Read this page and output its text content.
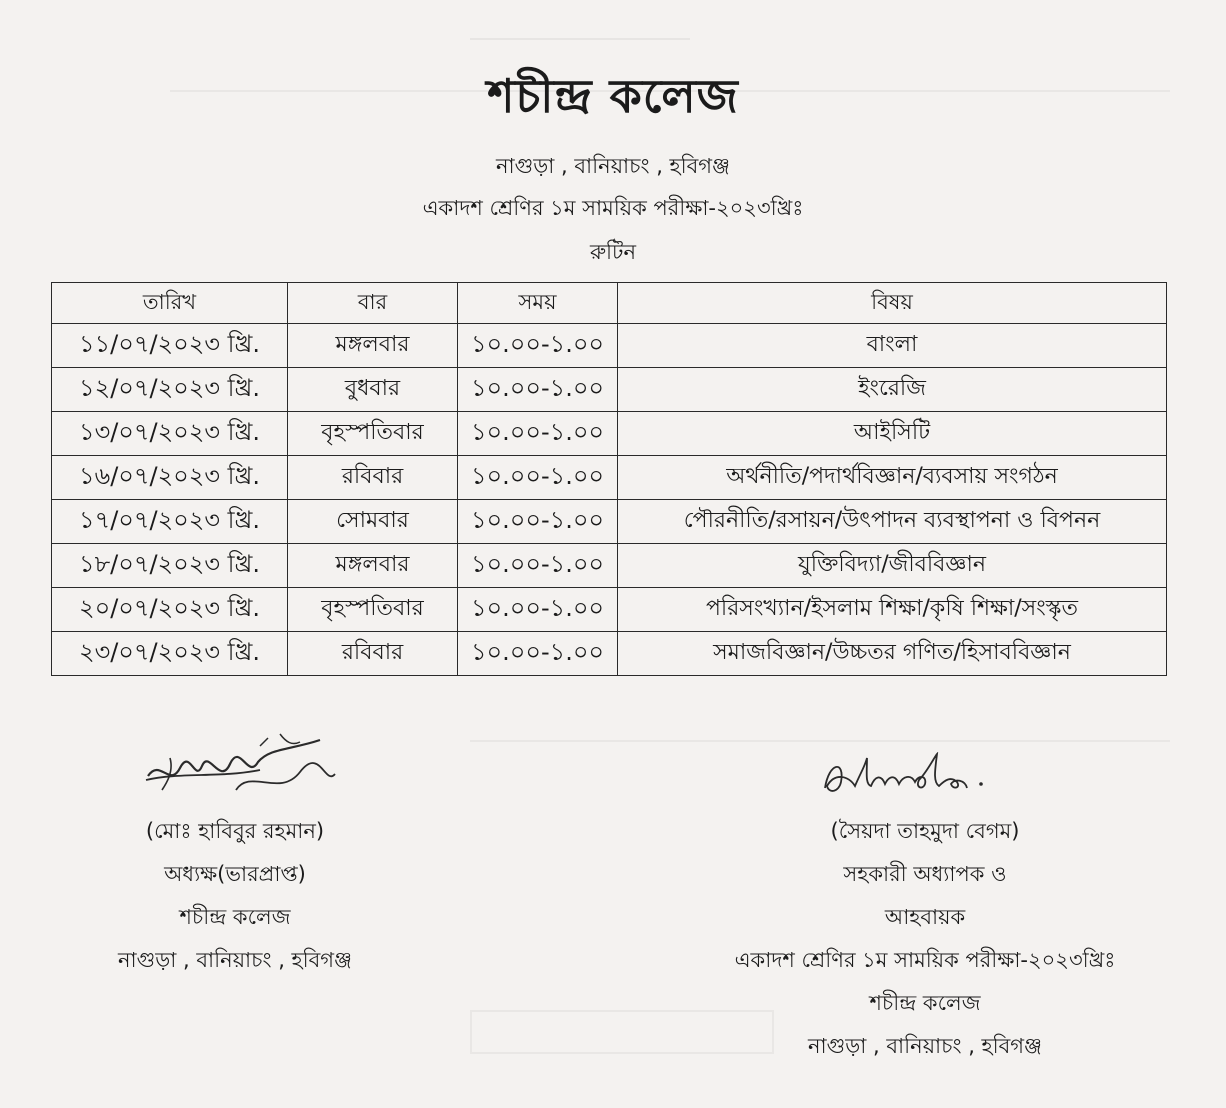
শচীন্দ্র কলেজ
নাগুড়া , বানিয়াচং , হবিগঞ্জ
একাদশ শ্রেণির ১ম সাময়িক পরীক্ষা-২০২৩খ্রিঃ
রুটিন
তারিখ	বার	সময়	বিষয়
১১/০৭/২০২৩ খ্রি.	মঙ্গলবার	১০.০০-১.০০	বাংলা
১২/০৭/২০২৩ খ্রি.	বুধবার	১০.০০-১.০০	ইংরেজি
১৩/০৭/২০২৩ খ্রি.	বৃহস্পতিবার	১০.০০-১.০০	আইসিটি
১৬/০৭/২০২৩ খ্রি.	রবিবার	১০.০০-১.০০	অর্থনীতি/পদার্থবিজ্ঞান/ব্যবসায় সংগঠন
১৭/০৭/২০২৩ খ্রি.	সোমবার	১০.০০-১.০০	পৌরনীতি/রসায়ন/উৎপাদন ব্যবস্থাপনা ও বিপনন
১৮/০৭/২০২৩ খ্রি.	মঙ্গলবার	১০.০০-১.০০	যুক্তিবিদ্যা/জীববিজ্ঞান
২০/০৭/২০২৩ খ্রি.	বৃহস্পতিবার	১০.০০-১.০০	পরিসংখ্যান/ইসলাম শিক্ষা/কৃষি শিক্ষা/সংস্কৃত
২৩/০৭/২০২৩ খ্রি.	রবিবার	১০.০০-১.০০	সমাজবিজ্ঞান/উচ্চতর গণিত/হিসাববিজ্ঞান
(মোঃ হাবিবুর রহমান)
অধ্যক্ষ(ভারপ্রাপ্ত)
শচীন্দ্র কলেজ
নাগুড়া , বানিয়াচং , হবিগঞ্জ
(সৈয়দা তাহমুদা বেগম)
সহকারী অধ্যাপক ও
আহবায়ক
একাদশ শ্রেণির ১ম সাময়িক পরীক্ষা-২০২৩খ্রিঃ
শচীন্দ্র কলেজ
নাগুড়া , বানিয়াচং , হবিগঞ্জ
